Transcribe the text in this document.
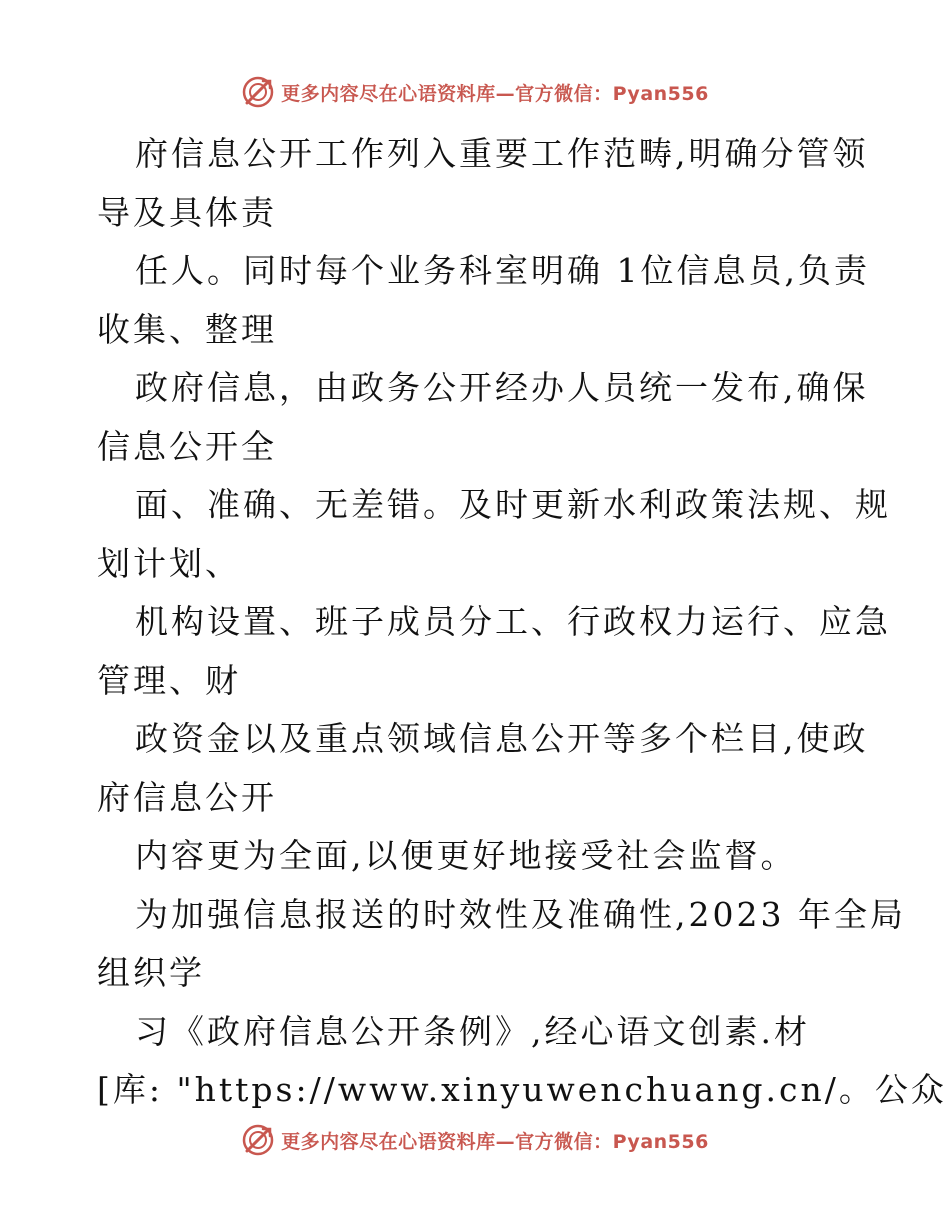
更多内容尽在心语资料库—官方微信：Pyan556
府信息公开工作列入重要工作范畴,明确分管领
导及具体责
任人。同时每个业务科室明确 1位信息员,负责
收集、整理
政府信息，由政务公开经办人员统一发布,确保
信息公开全
面、准确、无差错。及时更新水利政策法规、规
划计划、
机构设置、班子成员分工、行政权力运行、应急
管理、财
政资金以及重点领域信息公开等多个栏目,使政
府信息公开
内容更为全面,以便更好地接受社会监督。
为加强信息报送的时效性及准确性,2023 年全局
组织学
习《政府信息公开条例》,经心语文创素.材
[库: "https://www.xinyuwenchuang.cn/。公众
更多内容尽在心语资料库—官方微信：Pyan556
